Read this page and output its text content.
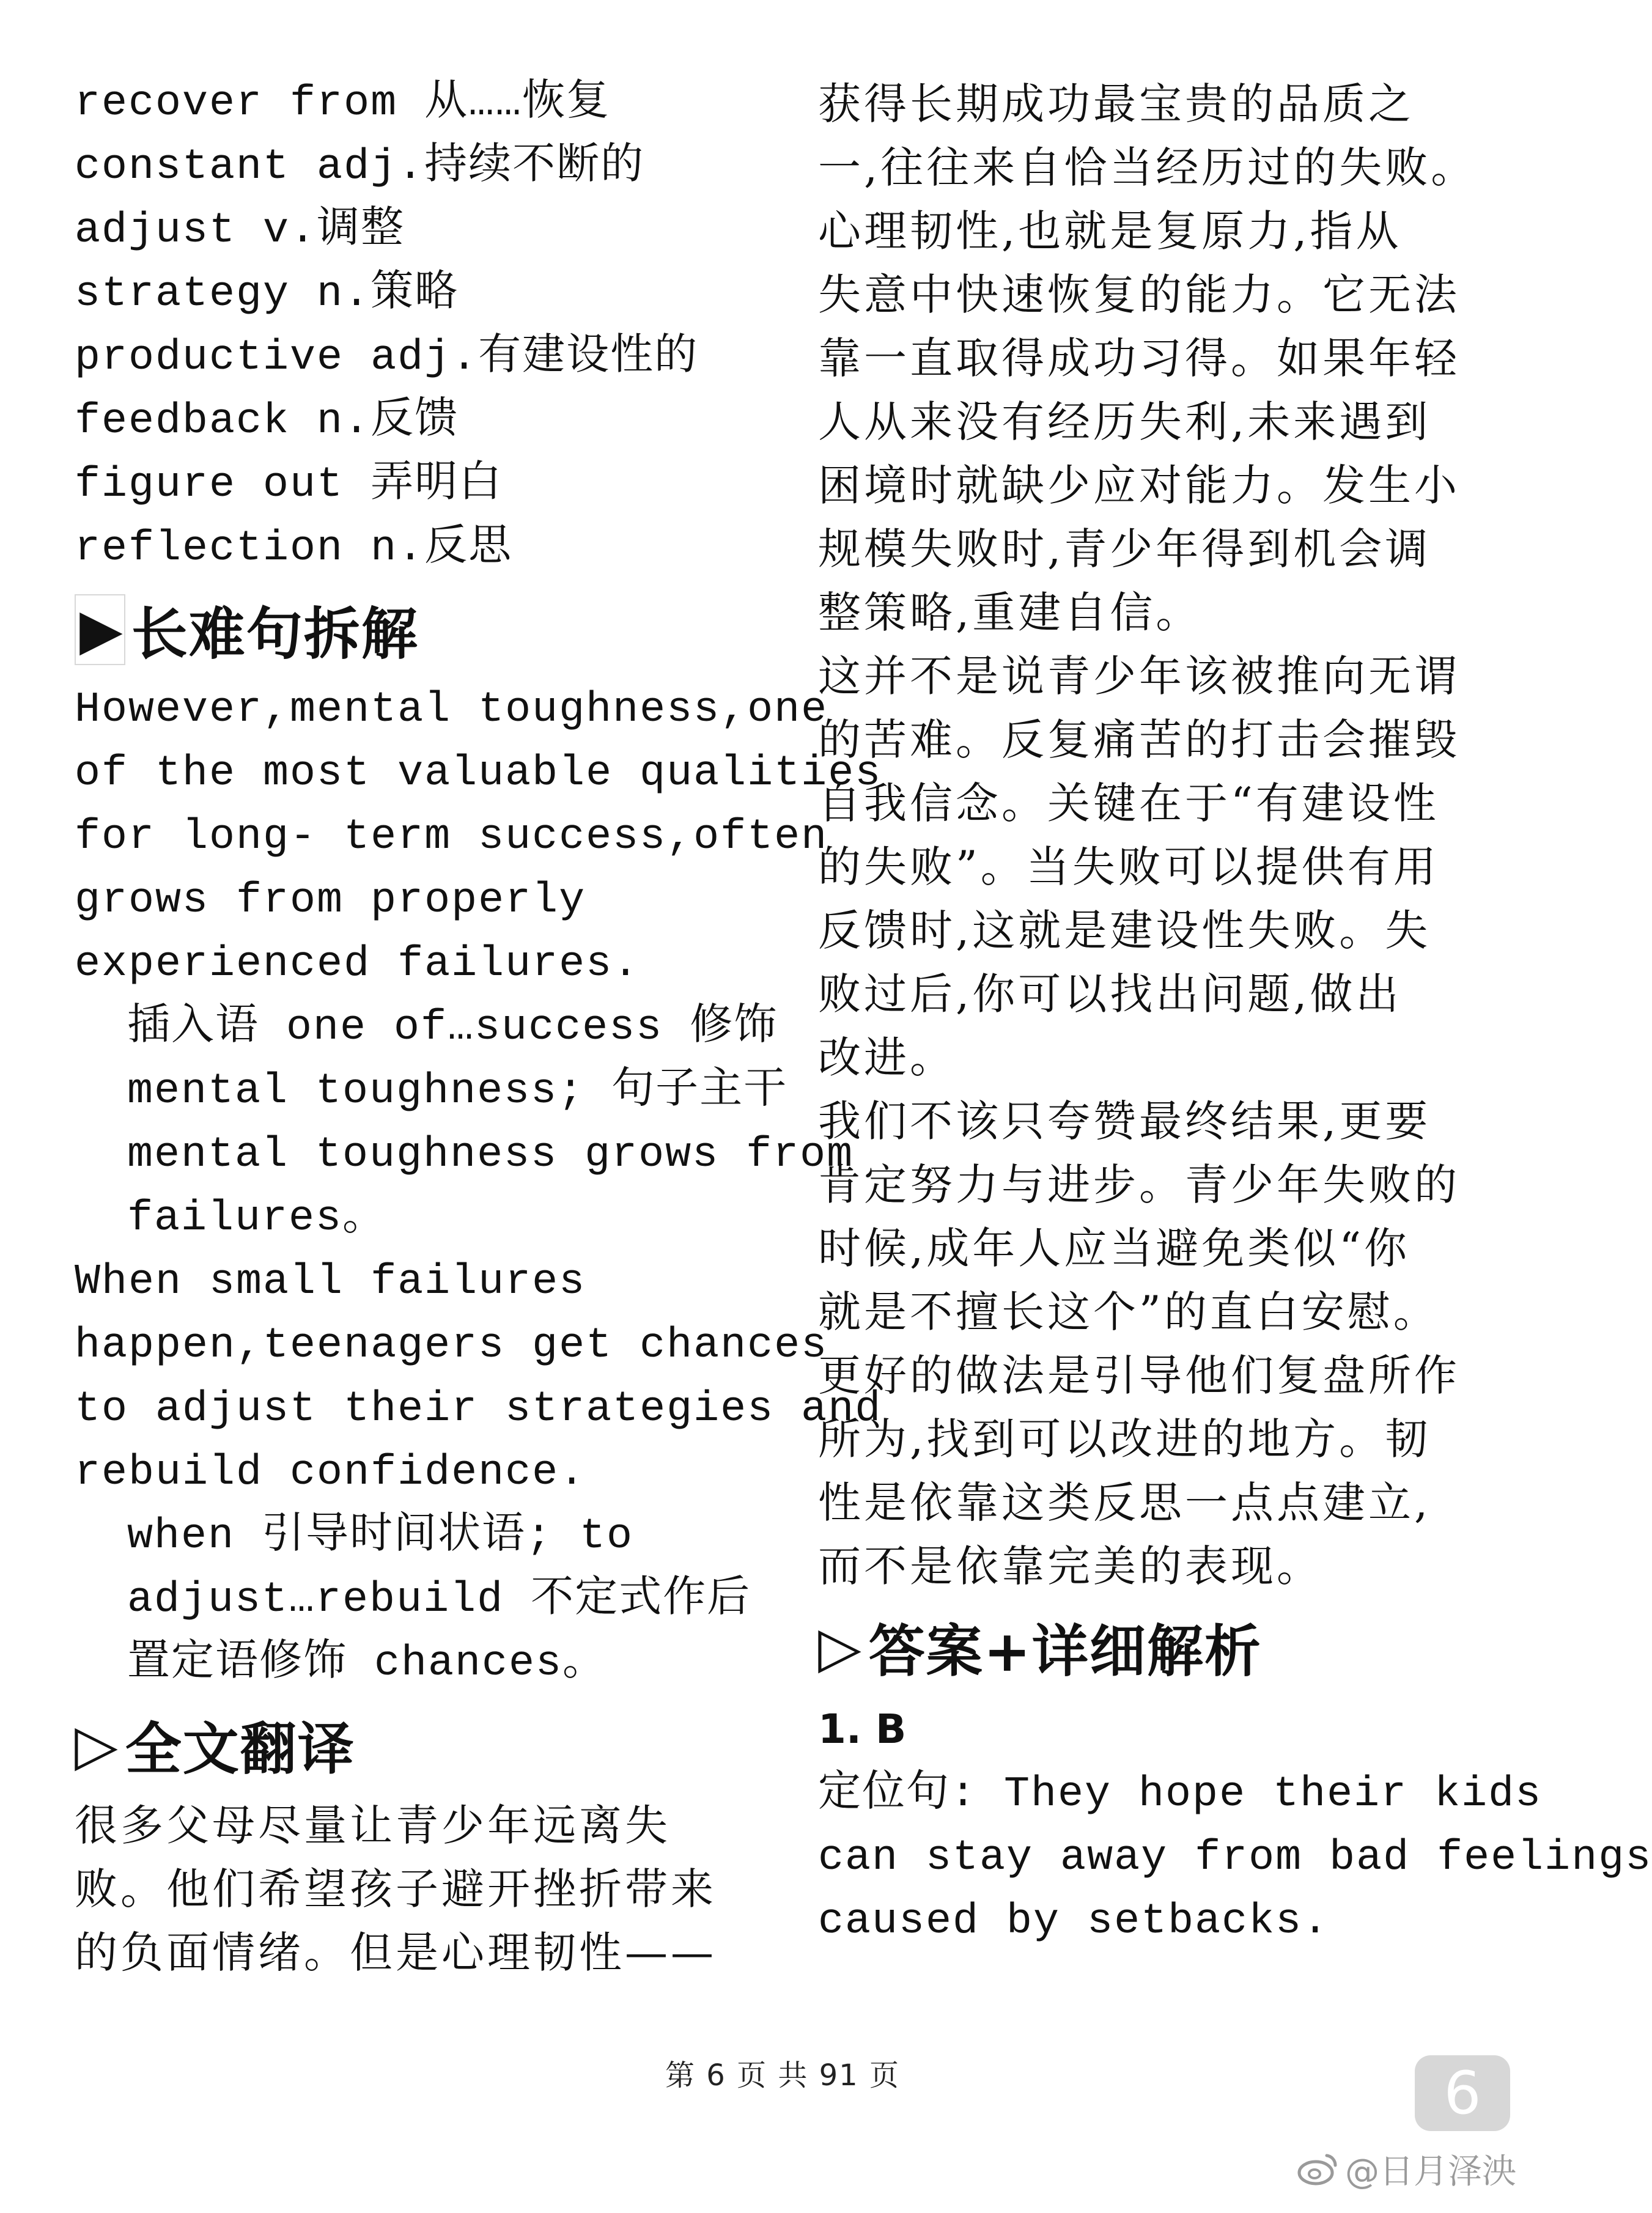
recover from 从……恢复
constant adj.持续不断的
adjust v.调整
strategy n.策略
productive adj.有建设性的
feedback n.反馈
figure out 弄明白
reflection n.反思
▶ 长难句拆解
However,mental toughness,one
of the most valuable qualities
for long- term success,often
grows from properly
experienced failures.
插入语 one of…success 修饰
mental toughness; 句子主干
mental toughness grows from
failures。
When small failures
happen,teenagers get chances
to adjust their strategies and
rebuild confidence.
when 引导时间状语; to
adjust…rebuild 不定式作后
置定语修饰 chances。
▷ 全文翻译
很多父母尽量让青少年远离失
败。他们希望孩子避开挫折带来
的负面情绪。但是心理韧性——
获得长期成功最宝贵的品质之
一,往往来自恰当经历过的失败。
心理韧性,也就是复原力,指从
失意中快速恢复的能力。它无法
靠一直取得成功习得。如果年轻
人从来没有经历失利,未来遇到
困境时就缺少应对能力。发生小
规模失败时,青少年得到机会调
整策略,重建自信。
这并不是说青少年该被推向无谓
的苦难。反复痛苦的打击会摧毁
自我信念。关键在于“有建设性
的失败”。当失败可以提供有用
反馈时,这就是建设性失败。失
败过后,你可以找出问题,做出
改进。
我们不该只夸赞最终结果,更要
肯定努力与进步。青少年失败的
时候,成年人应当避免类似“你
就是不擅长这个”的直白安慰。
更好的做法是引导他们复盘所作
所为,找到可以改进的地方。韧
性是依靠这类反思一点点建立,
而不是依靠完美的表现。
▷ 答案+详细解析
1. B
定位句: They hope their kids
can stay away from bad feelings
caused by setbacks.
第 6 页 共 91 页	6
@日月泽泱
